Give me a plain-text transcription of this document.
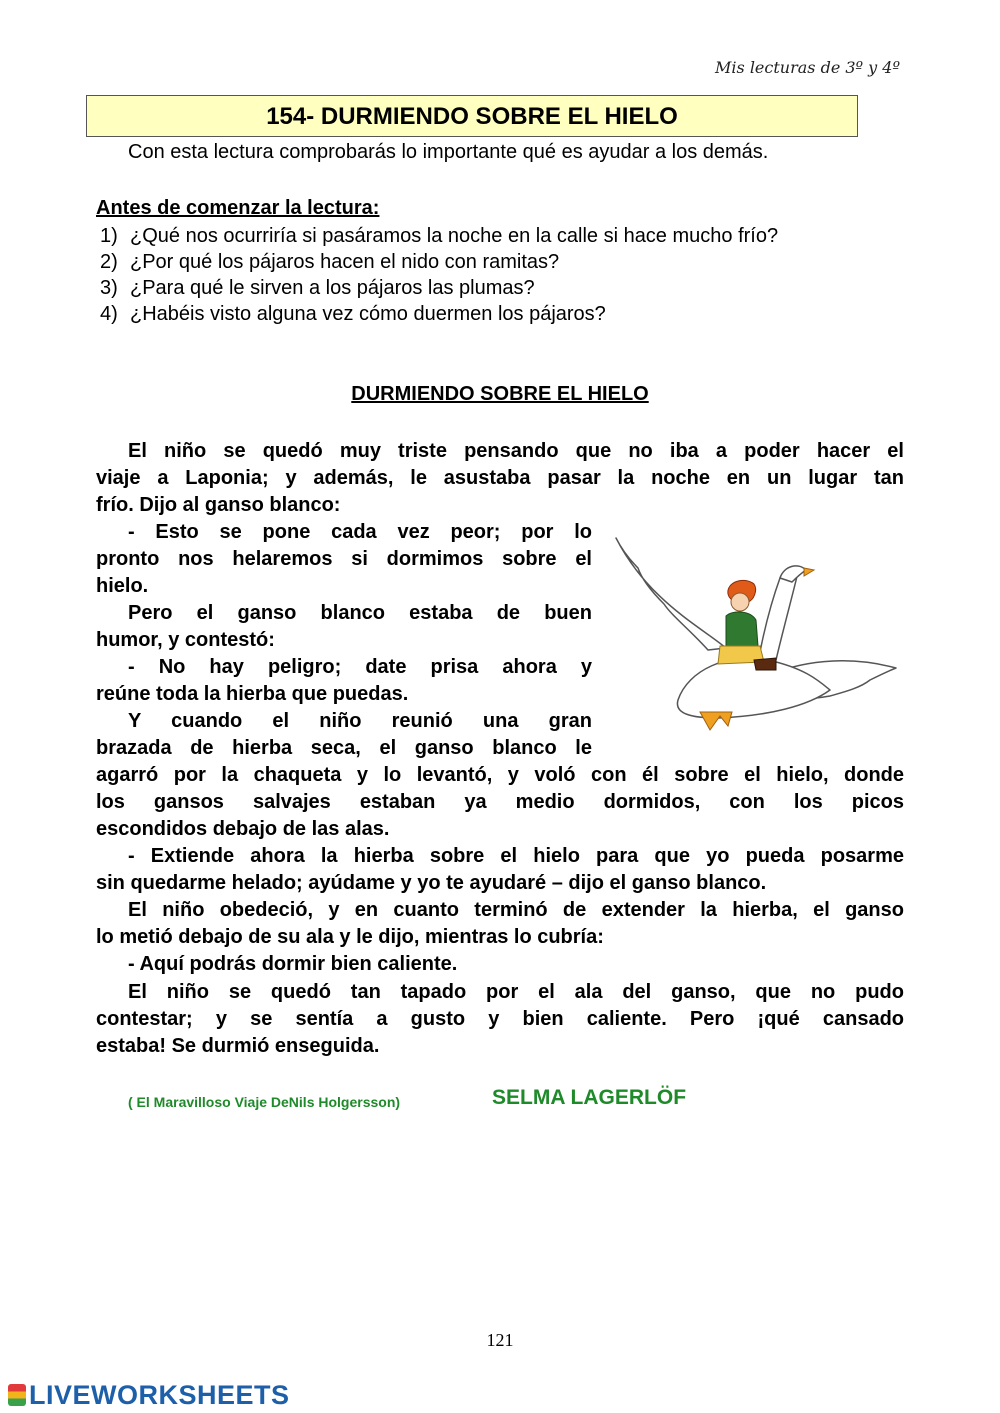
Mis lecturas de 3º y 4º
154- DURMIENDO SOBRE EL HIELO
Con esta lectura comprobarás lo importante qué es ayudar a los demás.
Antes de comenzar la lectura:
1) ¿Qué nos ocurriría si pasáramos la noche en la calle si hace mucho frío?
2) ¿Por qué los pájaros hacen el nido con ramitas?
3) ¿Para qué le sirven a los pájaros las plumas?
4) ¿Habéis visto alguna vez cómo duermen los pájaros?
DURMIENDO SOBRE EL HIELO
El niño se quedó muy triste pensando que no iba a poder hacer el
viaje a Laponia; y además, le asustaba pasar la noche en un lugar tan
frío. Dijo al ganso blanco:
- Esto se pone cada vez peor; por lo
pronto nos helaremos si dormimos sobre el
hielo.
Pero el ganso blanco estaba de buen
humor, y contestó:
- No hay peligro; date prisa ahora y
reúne toda la hierba que puedas.
Y cuando el niño reunió una gran
brazada de hierba seca, el ganso blanco le
agarró por la chaqueta y lo levantó, y voló con él sobre el hielo, donde
los gansos salvajes estaban ya medio dormidos, con los picos
escondidos debajo de las alas.
- Extiende ahora la hierba sobre el hielo para que yo pueda posarme
sin quedarme helado; ayúdame y yo te ayudaré – dijo el ganso blanco.
El niño obedeció, y en cuanto terminó de extender la hierba, el ganso
lo metió debajo de su ala y le dijo, mientras lo cubría:
- Aquí podrás dormir bien caliente.
El niño se quedó tan tapado por el ala del ganso, que no pudo
contestar; y se sentía a gusto y bien caliente. Pero ¡qué cansado
estaba! Se durmió enseguida.
( El Maravilloso Viaje DeNils Holgersson)	SELMA LAGERLÖF
121
LIVEWORKSHEETS
